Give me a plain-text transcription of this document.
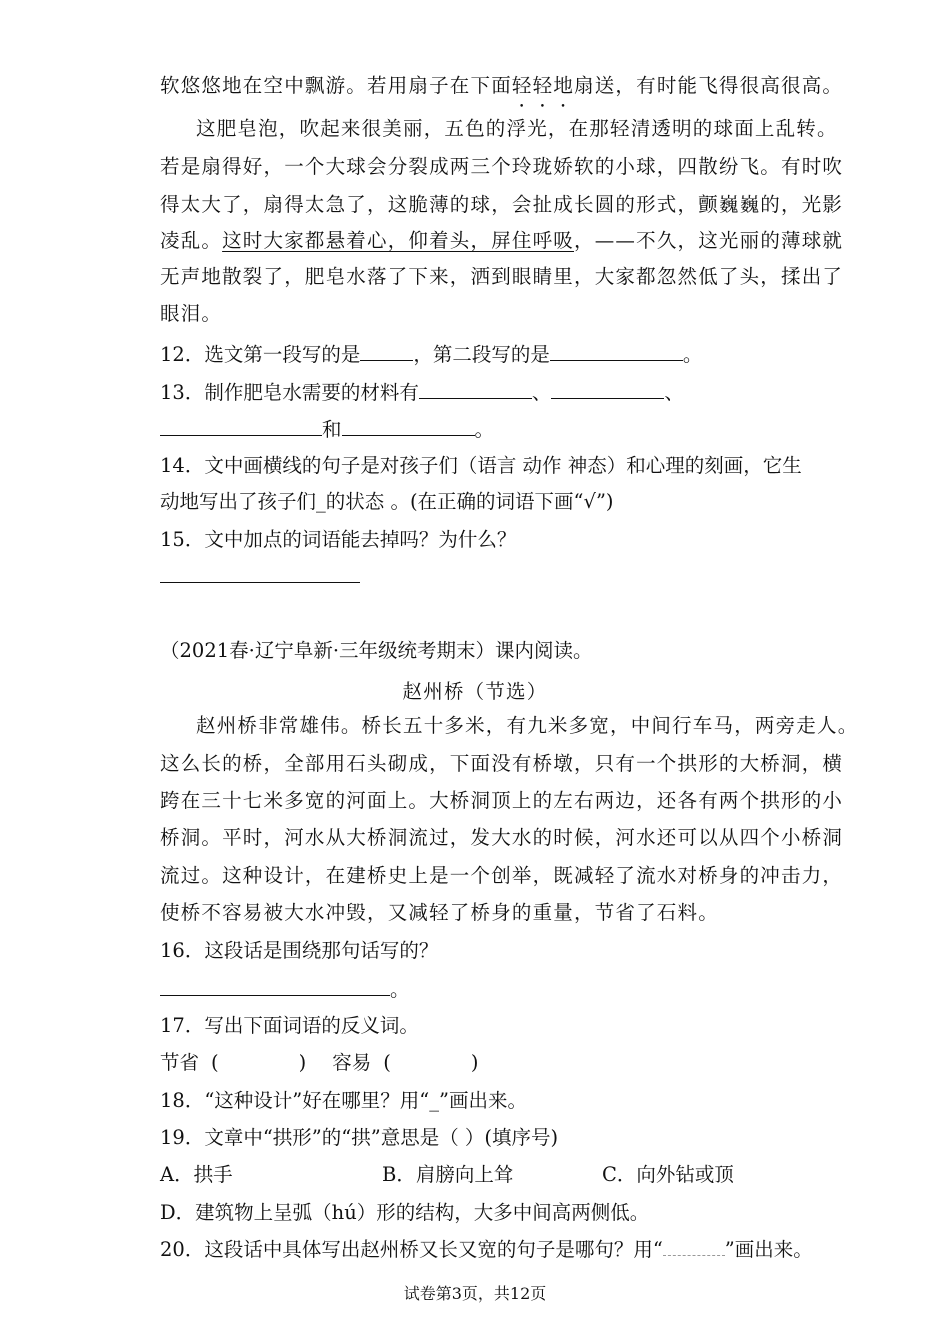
软悠悠地在空中飘游。若用扇子在下面轻轻地扇送，有时能飞得很高很高。
这肥皂泡，吹起来很美丽，五色的浮光，在那轻清透明的球面上乱转。
若是扇得好，一个大球会分裂成两三个玲珑娇软的小球，四散纷飞。有时吹
得太大了，扇得太急了，这脆薄的球，会扯成长圆的形式，颤巍巍的，光影
凌乱。这时大家都悬着心，仰着头，屏住呼吸，——不久，这光丽的薄球就
无声地散裂了，肥皂水落了下来，洒到眼睛里，大家都忽然低了头，揉出了
眼泪。
12．选文第一段写的是	，第二段写的是	。
13．制作肥皂水需要的材料有	、	、
和	。
14．文中画横线的句子是对孩子们（语言 动作 神态）和心理的刻画，它生
动地写出了孩子们_的状态 。(在正确的词语下画“√”)
15．文中加点的词语能去掉吗？为什么？
（2021春·辽宁阜新·三年级统考期末）课内阅读。
赵州桥（节选）
赵州桥非常雄伟。桥长五十多米，有九米多宽，中间行车马，两旁走人。
这么长的桥，全部用石头砌成，下面没有桥墩，只有一个拱形的大桥洞，横
跨在三十七米多宽的河面上。大桥洞顶上的左右两边，还各有两个拱形的小
桥洞。平时，河水从大桥洞流过，发大水的时候，河水还可以从四个小桥洞
流过。这种设计，在建桥史上是一个创举，既减轻了流水对桥身的冲击力，
使桥不容易被大水冲毁，又减轻了桥身的重量，节省了石料。
16．这段话是围绕那句话写的？
。
17．写出下面词语的反义词。
节省 (	) 容易 (	)
18．“这种设计”好在哪里？用“_”画出来。
19．文章中“拱形”的“拱”意思是（ ）(填序号)
A．拱手	B．肩膀向上耸	C．向外钻或顶
D．建筑物上呈弧（hú）形的结构，大多中间高两侧低。
20．这段话中具体写出赵州桥又长又宽的句子是哪句？用“	”画出来。
试卷第3页，共12页
